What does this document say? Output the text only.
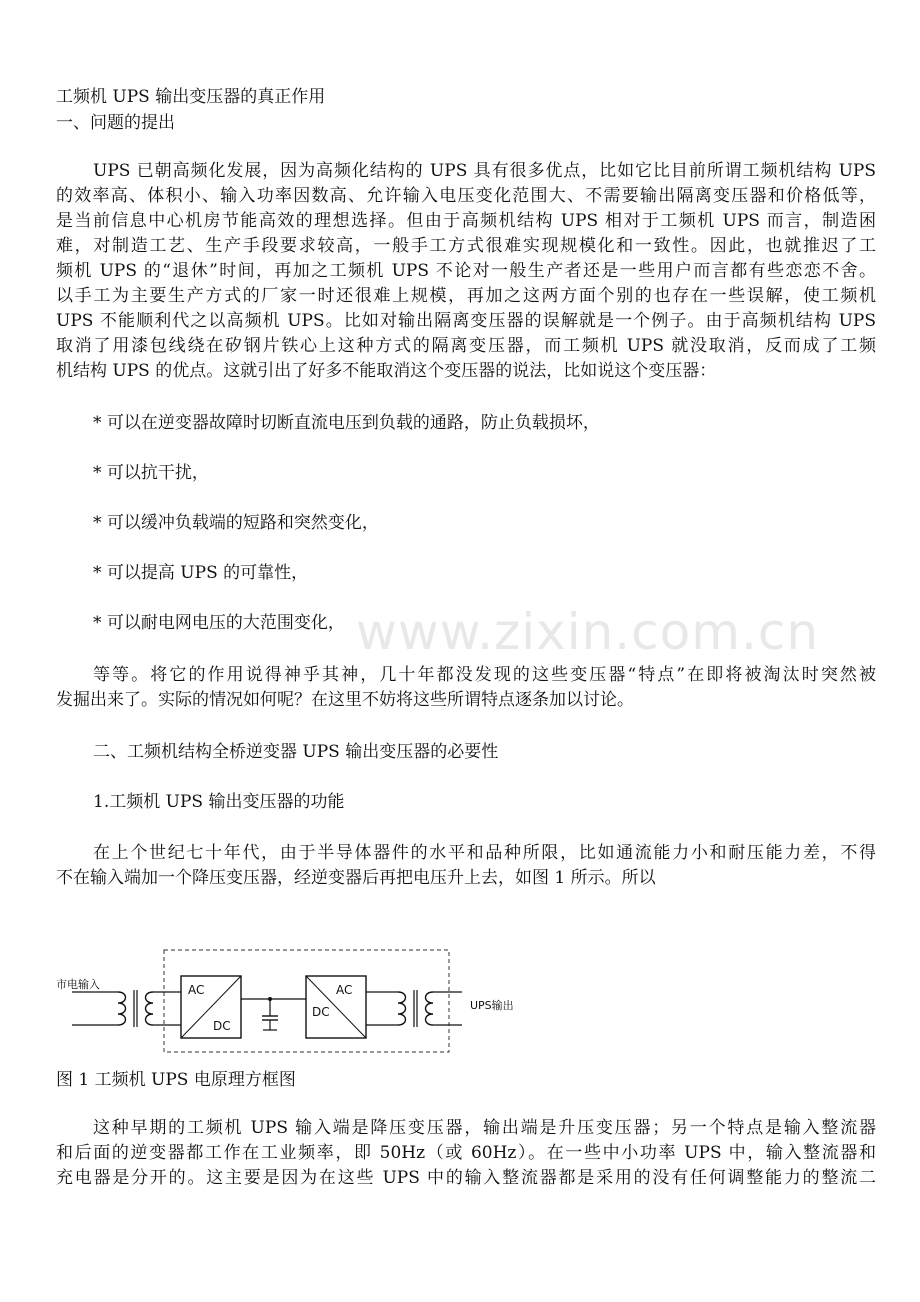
工频机 UPS 输出变压器的真正作用
一、问题的提出
UPS 已朝高频化发展，因为高频化结构的 UPS 具有很多优点，比如它比目前所谓工频机结构 UPS
的效率高、体积小、输入功率因数高、允许输入电压变化范围大、不需要输出隔离变压器和价格低等，
是当前信息中心机房节能高效的理想选择。但由于高频机结构 UPS 相对于工频机 UPS 而言，制造困
难，对制造工艺、生产手段要求较高，一般手工方式很难实现规模化和一致性。因此，也就推迟了工
频机 UPS 的“退休”时间，再加之工频机 UPS 不论对一般生产者还是一些用户而言都有些恋恋不舍。
以手工为主要生产方式的厂家一时还很难上规模，再加之这两方面个别的也存在一些误解，使工频机
UPS 不能顺利代之以高频机 UPS。比如对输出隔离变压器的误解就是一个例子。由于高频机结构 UPS
取消了用漆包线绕在矽钢片铁心上这种方式的隔离变压器，而工频机 UPS 就没取消，反而成了工频
机结构 UPS 的优点。这就引出了好多不能取消这个变压器的说法，比如说这个变压器：
* 可以在逆变器故障时切断直流电压到负载的通路，防止负载损坏，
* 可以抗干扰，
* 可以缓冲负载端的短路和突然变化，
* 可以提高 UPS 的可靠性，
* 可以耐电网电压的大范围变化，
等等。将它的作用说得神乎其神，几十年都没发现的这些变压器“特点”在即将被淘汰时突然被
发掘出来了。实际的情况如何呢？在这里不妨将这些所谓特点逐条加以讨论。
二、工频机结构全桥逆变器 UPS 输出变压器的必要性
1.工频机 UPS 输出变压器的功能
在上个世纪七十年代，由于半导体器件的水平和品种所限，比如通流能力小和耐压能力差，不得
不在输入端加一个降压变压器，经逆变器后再把电压升上去，如图 1 所示。所以
市电输入	AC
DC
AC
DC	UPS输出
图 1 工频机 UPS 电原理方框图
这种早期的工频机 UPS 输入端是降压变压器，输出端是升压变压器；另一个特点是输入整流器
和后面的逆变器都工作在工业频率，即 50Hz（或 60Hz）。在一些中小功率 UPS 中，输入整流器和
充电器是分开的。这主要是因为在这些 UPS 中的输入整流器都是采用的没有任何调整能力的整流二
www.zixin.com.cn
